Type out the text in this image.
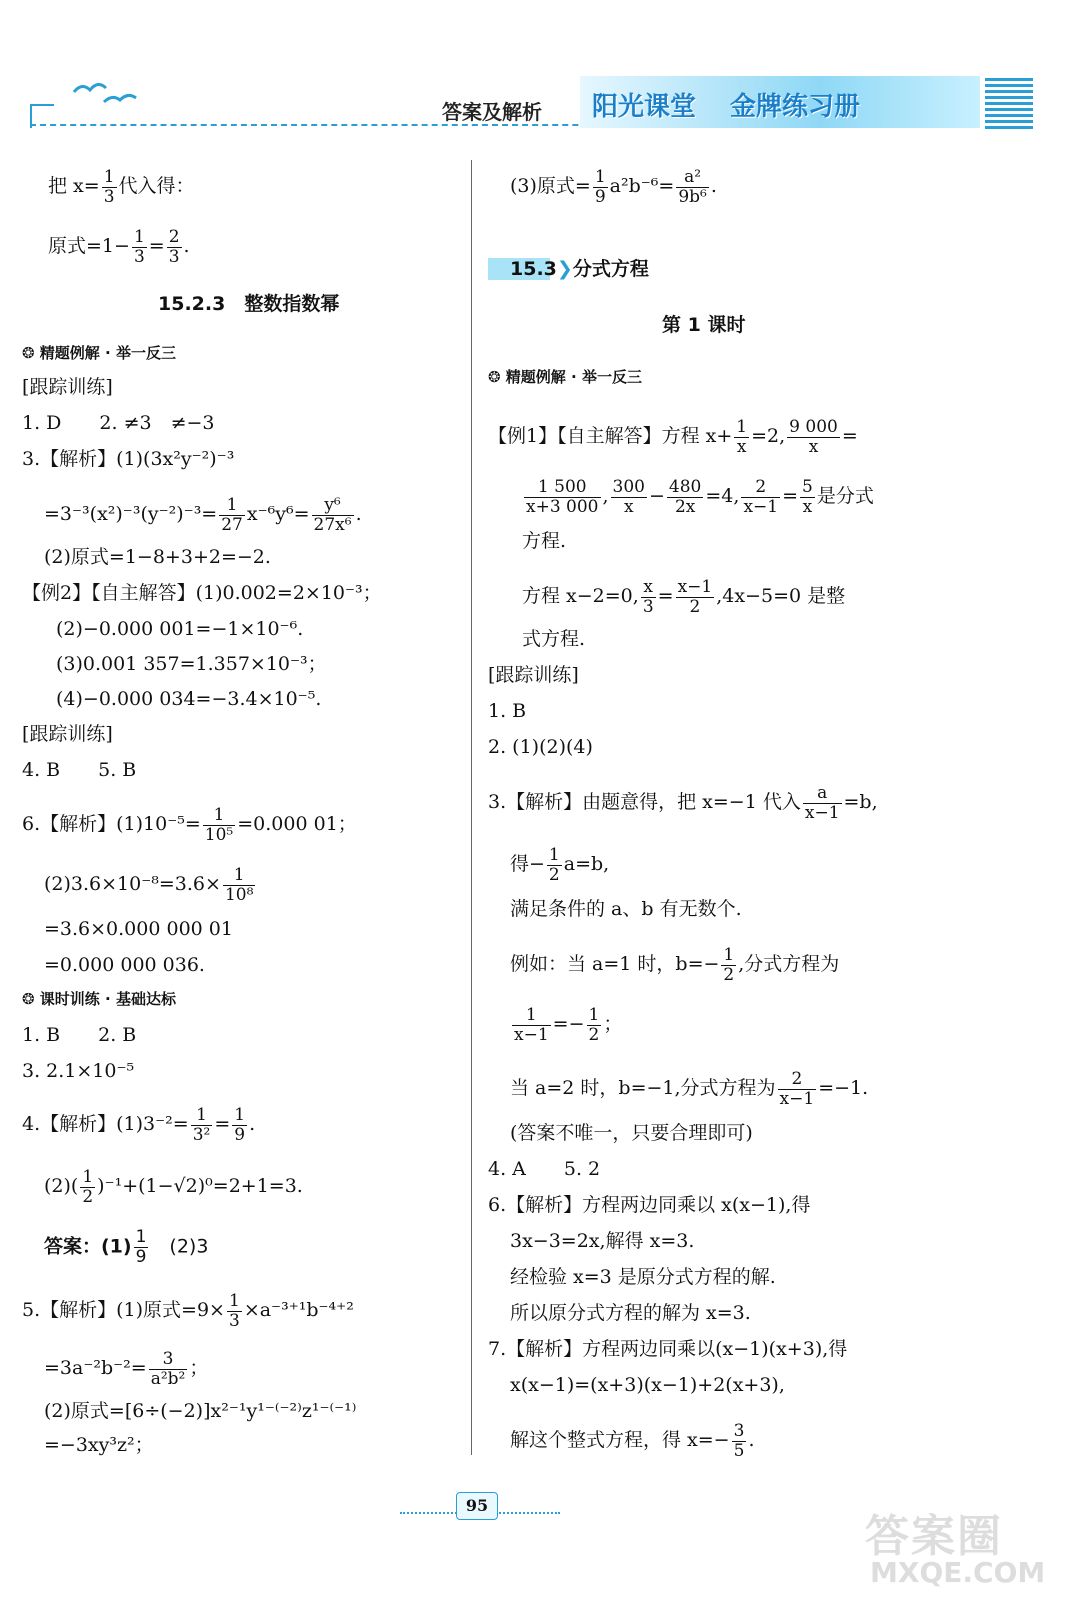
答案及解析 阳光课堂 金牌练习册
把 $x= \frac{1}{3}$ 代入得：
原式$=1- \frac{1}{3} = \frac{2}{3}$ .
15.2.3　整数指数幂
❂ 精题例解 · 举一反三
[跟踪训练]
1. D　　2. ≠3　≠−3
3.【解析】(1)(3x²y⁻²)⁻³
$=3^{-3}(x^2)^{-3}(y^{-2})^{-3}= \frac{1}{27} x^{-6}y^6= \frac{\text{y⁶}}{\text{27x⁶}}$ .
(2)原式=1−8+3+2=−2.
【例2】【自主解答】(1)0.002=2×10⁻³；
(2)−0.000 001=−1×10⁻⁶.
(3)0.001 357=1.357×10⁻³；
(4)−0.000 034=−3.4×10⁻⁵.
[跟踪训练]
4. B　　5. B
6.【解析】$(1)10^{-5}= \frac{1}{\text{10⁵}} =0.000$ 01；
$(2)3.6\times 10^{-8}=3.6\times \frac{1}{\text{10⁸}}$
=3.6×0.000 000 01
=0.000 000 036.
❂ 课时训练 · 基础达标
1. B　　2. B
3. 2.1×10⁻⁵
4.【解析】$(1)3^{-2}= \frac{1}{\text{3²}} = \frac{1}{9}$ .
$(2)( \frac{1}{2} )^{-1}+(1-√2)^0=2+1=3$.
答案：$(1) \frac{1}{9}$ 　(2)3
5.【解析】(1)原式$=9\times \frac{1}{3} \times a^{-3+1}b^{-4+2}$
$=3a^{-2}b^{-2}= \frac{3}{\text{a²b²}}$ ；
(2)原式=[6÷(−2)]x²⁻¹y¹⁻⁽⁻²⁾z¹⁻⁽⁻¹⁾
=−3xy³z²；
(3)原式= $\frac{1}{9} a^2b^{-6}= \frac{\text{a²}}{\text{9b⁶}}$ .
15.3❯分式方程
第 1 课时
❂ 精题例解 · 举一反三
【例1】【自主解答】方程 $x+ \frac{1}{x} =2$, $\frac{9 000}{x}$ =
$\frac{1 500}{x+3 000}$ , $\frac{300}{x} - \frac{480}{2x} =4$, $\frac{2}{x-1} = \frac{5}{x}$ 是分式
方程.
方程 x−2=0, $\frac{x}{3} = \frac{x-1}{2} ,4x-5=0$ 是整
式方程.
[跟踪训练]
1. B
2. (1)(2)(4)
3.【解析】由题意得，把 x=−1 代入 $\frac{a}{x-1} =b$,
得− $\frac{1}{2} a=b$,
满足条件的 a、b 有无数个.
例如：当 a=1 时，$b=- \frac{1}{2}$ ,分式方程为
$\frac{1}{x-1} =- \frac{1}{2}$ ；
当 a=2 时，b=−1,分式方程为 $\frac{2}{x-1} =-1$.
(答案不唯一，只要合理即可)
4. A　　5. 2
6.【解析】方程两边同乘以 x(x−1),得
3x−3=2x,解得 x=3.
经检验 x=3 是原分式方程的解.
所以原分式方程的解为 x=3.
7.【解析】方程两边同乘以(x−1)(x+3),得
x(x−1)=(x+3)(x−1)+2(x+3),
解这个整式方程，得 $x=- \frac{3}{5}$ .
95
答案圈
MXQE.COM
